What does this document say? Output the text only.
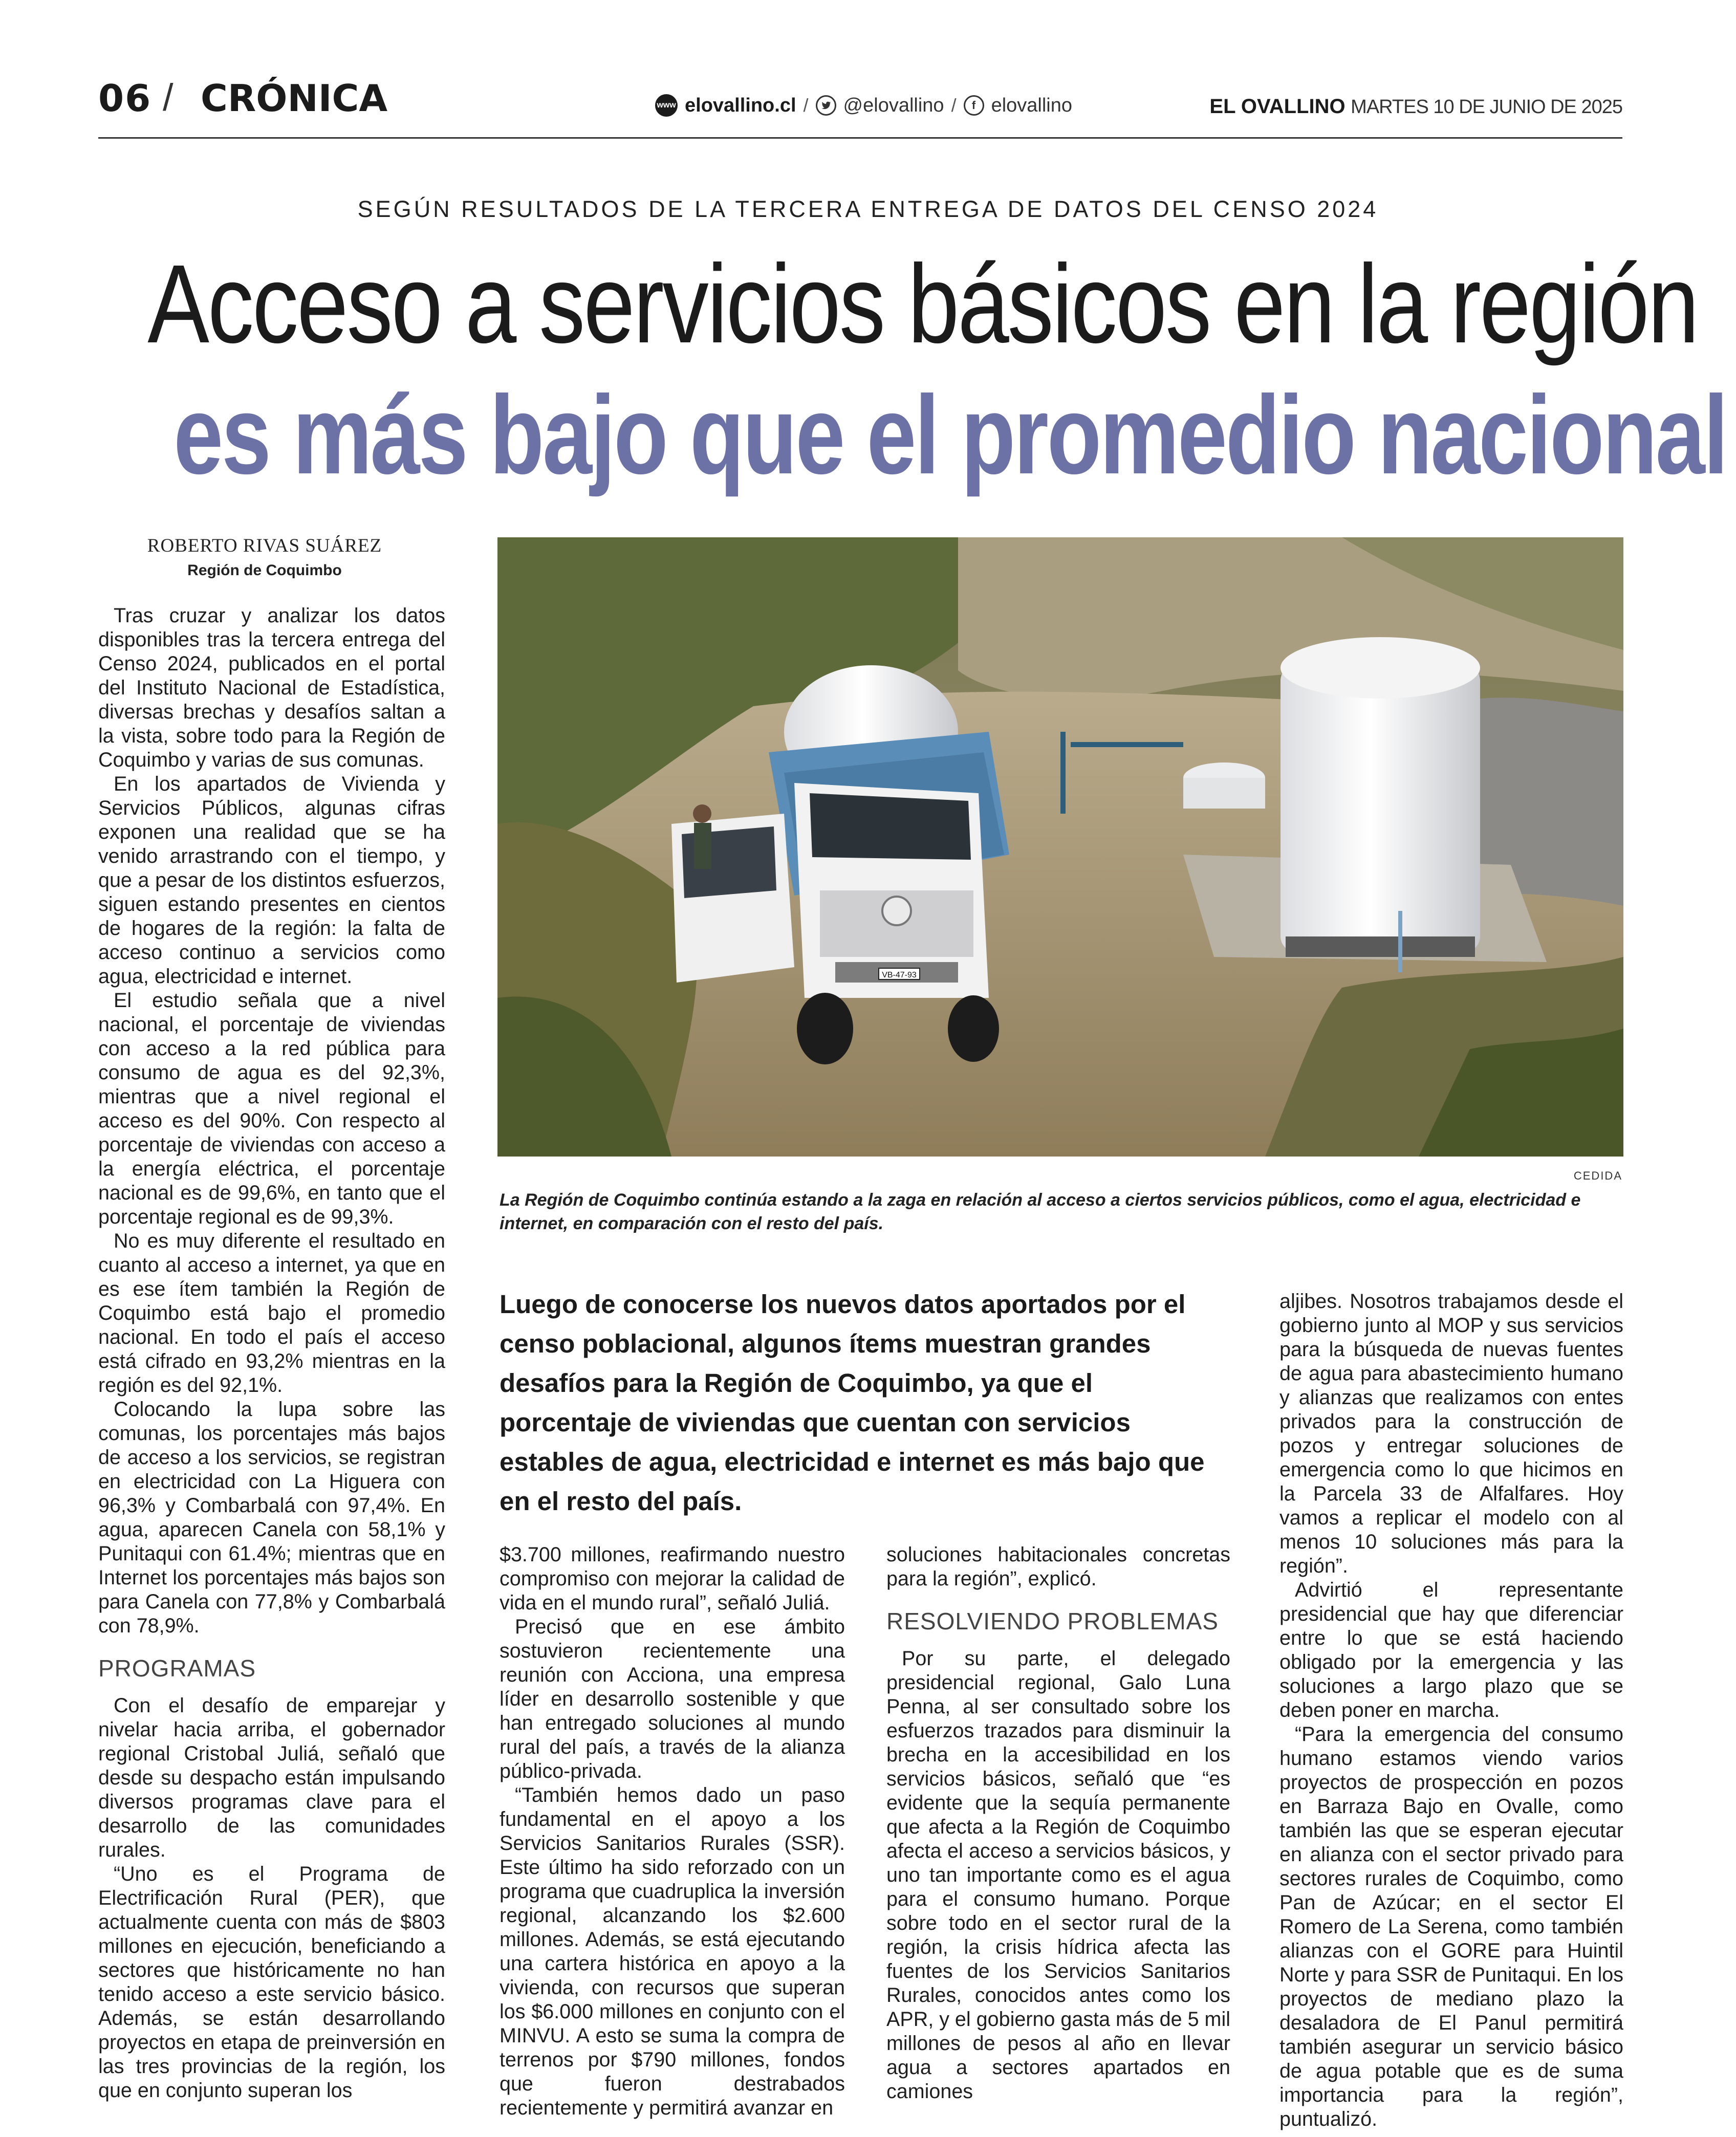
06 / CRÓNICA	www elovallino.cl / @elovallino /	f elovallino	EL OVALLINO MARTES 10 DE JUNIO DE 2025
SEGÚN RESULTADOS DE LA TERCERA ENTREGA DE DATOS DEL CENSO 2024
Acceso a servicios básicos en la región
es más bajo que el promedio nacional
ROBERTO RIVAS SUÁREZ
Región de Coquimbo

Tras cruzar y analizar los datos disponibles tras la tercera entrega del Censo 2024, publicados en el portal del Instituto Nacional de Estadística, diversas brechas y desafíos saltan a la vista, sobre todo para la Región de Coquimbo y varias de sus comunas.

En los apartados de Vivienda y Servicios Públicos, algunas cifras exponen una realidad que se ha venido arrastrando con el tiempo, y que a pesar de los distintos esfuerzos, siguen estando presentes en cientos de hogares de la región: la falta de acceso continuo a servicios como agua, electricidad e internet.

El estudio señala que a nivel nacional, el porcentaje de viviendas con acceso a la red pública para consumo de agua es del 92,3%, mientras que a nivel regional el acceso es del 90%. Con respecto al porcentaje de viviendas con acceso a la energía eléctrica, el porcentaje nacional es de 99,6%, en tanto que el porcentaje regional es de 99,3%.

No es muy diferente el resultado en cuanto al acceso a internet, ya que en es ese ítem también la Región de Coquimbo está bajo el promedio nacional. En todo el país el acceso está cifrado en 93,2% mientras en la región es del 92,1%.

Colocando la lupa sobre las comunas, los porcentajes más bajos de acceso a los servicios, se registran en electricidad con La Higuera con 96,3% y Combarbalá con 97,4%. En agua, aparecen Canela con 58,1% y Punitaqui con 61.4%; mientras que en Internet los porcentajes más bajos son para Canela con 77,8% y Combarbalá con 78,9%.

PROGRAMAS

Con el desafío de emparejar y nivelar hacia arriba, el gobernador regional Cristobal Juliá, señaló que desde su despacho están impulsando diversos programas clave para el desarrollo de las comunidades rurales.

“Uno es el Programa de Electrificación Rural (PER), que actualmente cuenta con más de $803 millones en ejecución, beneficiando a sectores que históricamente no han tenido acceso a este servicio básico. Además, se están desarrollando proyectos en etapa de preinversión en las tres provincias de la región, los que en conjunto superan los

VB-47-93
CEDIDA
La Región de Coquimbo continúa estando a la zaga en relación al acceso a ciertos servicios públicos, como el agua, electricidad e internet, en comparación con el resto del país.
Luego de conocerse los nuevos datos aportados por el censo poblacional, algunos ítems muestran grandes desafíos para la Región de Coquimbo, ya que el porcentaje de viviendas que cuentan con servicios estables de agua, electricidad e internet es más bajo que en el resto del país.

$3.700 millones, reafirmando nuestro compromiso con mejorar la calidad de vida en el mundo rural”, señaló Juliá.

Precisó que en ese ámbito sostuvieron recientemente una reunión con Acciona, una empresa líder en desarrollo sostenible y que han entregado soluciones al mundo rural del país, a través de la alianza público-privada.

“También hemos dado un paso fundamental en el apoyo a los Servicios Sanitarios Rurales (SSR). Este último ha sido reforzado con un programa que cuadruplica la inversión regional, alcanzando los $2.600 millones. Además, se está ejecutando una cartera histórica en apoyo a la vivienda, con recursos que superan los $6.000 millones en conjunto con el MINVU. A esto se suma la compra de terrenos por $790 millones, fondos que fueron destrabados recientemente y permitirá avanzar en

soluciones habitacionales concretas para la región”, explicó.

RESOLVIENDO PROBLEMAS

Por su parte, el delegado presidencial regional, Galo Luna Penna, al ser consultado sobre los esfuerzos trazados para disminuir la brecha en la accesibilidad en los servicios básicos, señaló que “es evidente que la sequía permanente que afecta a la Región de Coquimbo afecta el acceso a servicios básicos, y uno tan importante como es el agua para el consumo humano. Porque sobre todo en el sector rural de la región, la crisis hídrica afecta las fuentes de los Servicios Sanitarios Rurales, conocidos antes como los APR, y el gobierno gasta más de 5 mil millones de pesos al año en llevar agua a sectores apartados en camiones

aljibes. Nosotros trabajamos desde el gobierno junto al MOP y sus servicios para la búsqueda de nuevas fuentes de agua para abastecimiento humano y alianzas que realizamos con entes privados para la construcción de pozos y entregar soluciones de emergencia como lo que hicimos en la Parcela 33 de Alfalfares. Hoy vamos a replicar el modelo con al menos 10 soluciones más para la región”.

Advirtió el representante presidencial que hay que diferenciar entre lo que se está haciendo obligado por la emergencia y las soluciones a largo plazo que se deben poner en marcha.

“Para la emergencia del consumo humano estamos viendo varios proyectos de prospección en pozos en Barraza Bajo en Ovalle, como también las que se esperan ejecutar en alianza con el sector privado para sectores rurales de Coquimbo, como Pan de Azúcar; en el sector El Romero de La Serena, como también alianzas con el GORE para Huintil Norte y para SSR de Punitaqui. En los proyectos de mediano plazo la desaladora de El Panul permitirá también asegurar un servicio básico de agua potable que es de suma importancia para la región”, puntualizó.
